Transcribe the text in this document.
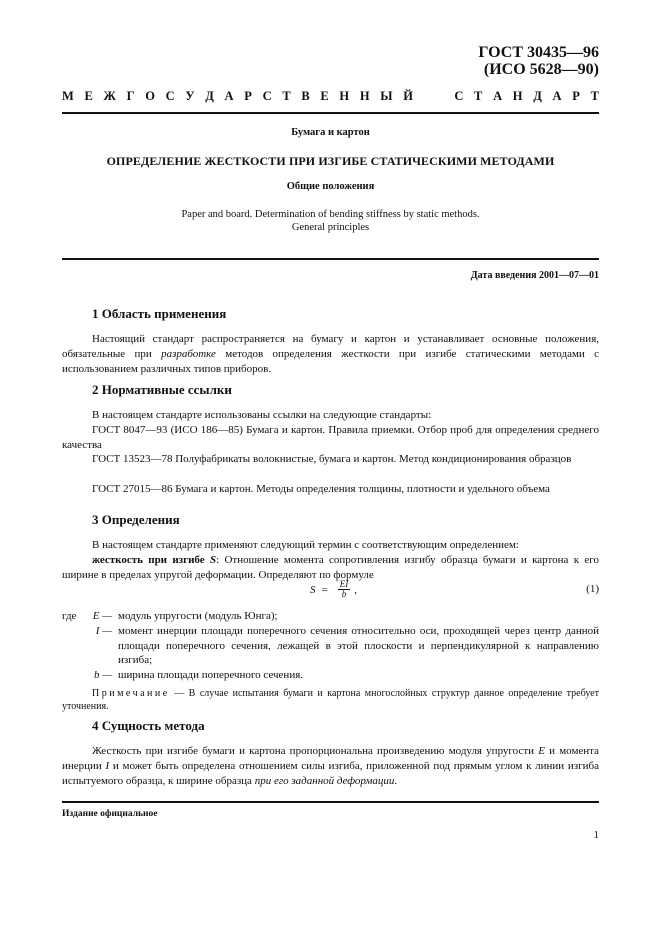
ГОСТ 30435—96
(ИСО 5628—90)
М Е Ж Г О С У Д А Р С Т В Е Н Н Ы Й	С Т А Н Д А Р Т
Бумага и картон
ОПРЕДЕЛЕНИЕ ЖЕСТКОСТИ ПРИ ИЗГИБЕ СТАТИЧЕСКИМИ МЕТОДАМИ
Общие положения
Paper and board. Determination of bending stiffness by static methods.
General principles
Дата введения 2001—07—01
1 Область применения
Настоящий стандарт распространяется на бумагу и картон и устанавливает основные положения, обязательные при разработке методов определения жесткости при изгибе статическими методами с использованием различных типов приборов.
2 Нормативные ссылки
В настоящем стандарте использованы ссылки на следующие стандарты:
ГОСТ 8047—93 (ИСО 186—85) Бумага и картон. Правила приемки. Отбор проб для определения среднего качества
ГОСТ 13523—78 Полуфабрикаты волокнистые, бумага и картон. Метод кондиционирования образцов
ГОСТ 27015—86 Бумага и картон. Методы определения толщины, плотности и удельного объема
3 Определения
В настоящем стандарте применяют следующий термин с соответствующим определением:
жесткость при изгибе S: Отношение момента сопротивления изгибу образца бумаги и картона к его ширине в пределах упругой деформации. Определяют по формуле
$S = \frac{EI}{b}$ ,	(1)
где	E — модуль упругости (модуль Юнга);
I — момент инерции площади поперечного сечения относительно оси, проходящей через центр данной площади поперечного сечения, лежащей в этой плоскости и перпендикулярной к направлению изгиба;
b — ширина площади поперечного сечения.
Примечание — В случае испытания бумаги и картона многослойных структур данное определение требует уточнения.
4 Сущность метода
Жесткость при изгибе бумаги и картона пропорциональна произведению модуля упругости E и момента инерции I и может быть определена отношением силы изгиба, приложенной под прямым углом к линии изгиба испытуемого образца, к ширине образца при его заданной деформации.
Издание официальное
1
